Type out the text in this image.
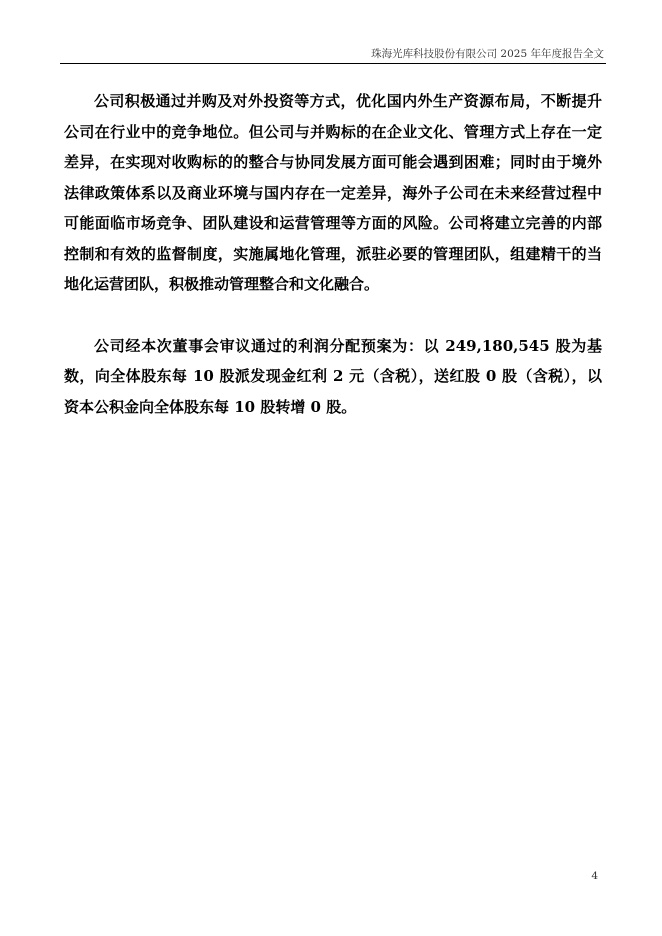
珠海光库科技股份有限公司 2025 年年度报告全文

公司积极通过并购及对外投资等方式，优化国内外生产资源布局，不断提升公司在行业中的竞争地位。但公司与并购标的在企业文化、管理方式上存在一定差异，在实现对收购标的的整合与协同发展方面可能会遇到困难；同时由于境外法律政策体系以及商业环境与国内存在一定差异，海外子公司在未来经营过程中可能面临市场竞争、团队建设和运营管理等方面的风险。公司将建立完善的内部控制和有效的监督制度，实施属地化管理，派驻必要的管理团队，组建精干的当地化运营团队，积极推动管理整合和文化融合。

公司经本次董事会审议通过的利润分配预案为：以 249,180,545 股为基数，向全体股东每 10 股派发现金红利 2 元（含税），送红股 0 股（含税），以资本公积金向全体股东每 10 股转增 0 股。

4
